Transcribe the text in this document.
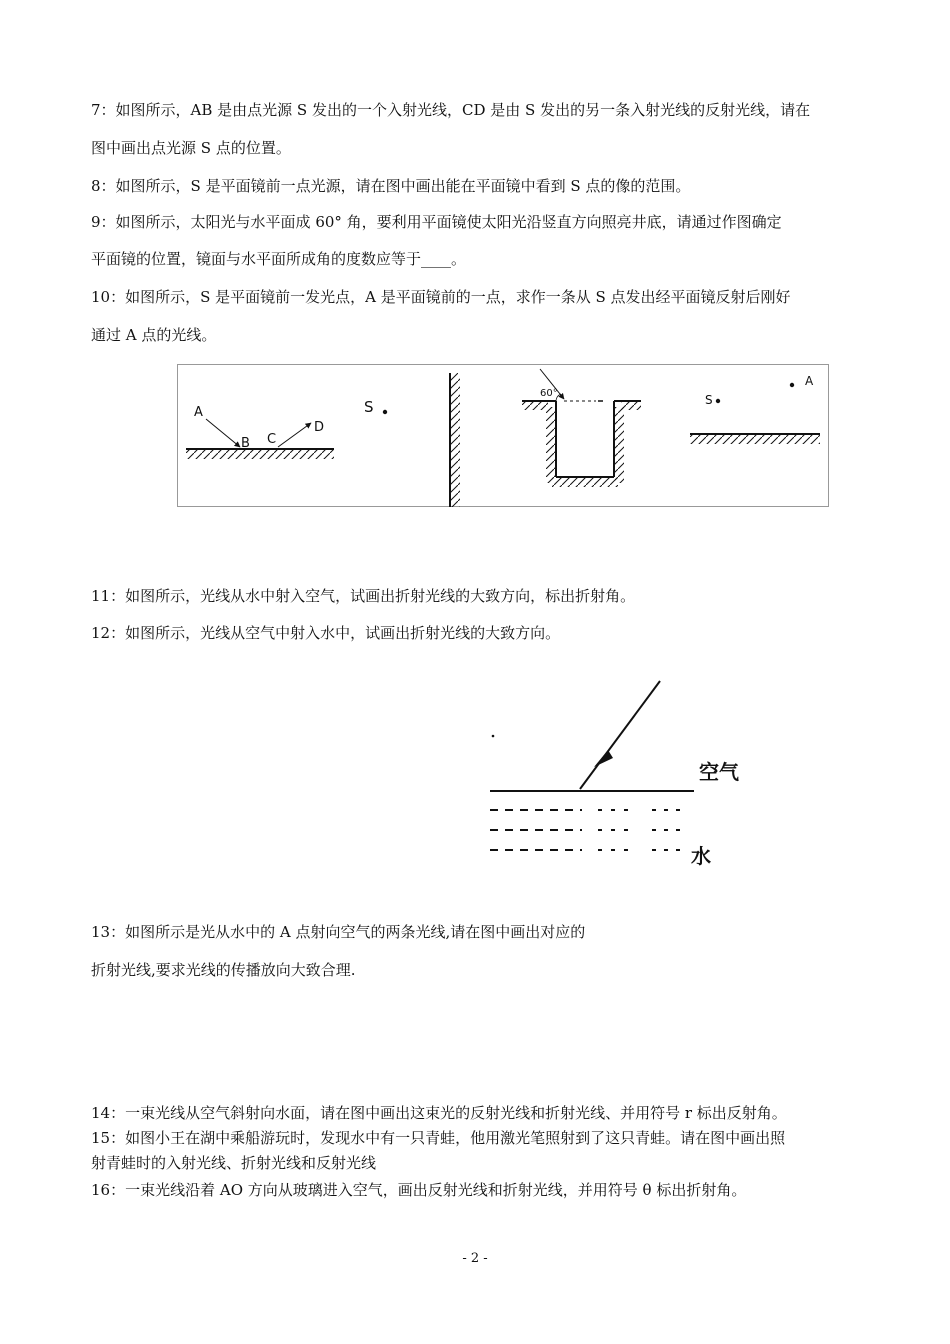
7：如图所示，AB 是由点光源 S 发出的一个入射光线，CD 是由 S 发出的另一条入射光线的反射光线，请在
图中画出点光源 S 点的位置。
8：如图所示，S 是平面镜前一点光源，请在图中画出能在平面镜中看到 S 点的像的范围。
9：如图所示，太阳光与水平面成 60° 角，要利用平面镜使太阳光沿竖直方向照亮井底，请通过作图确定
平面镜的位置，镜面与水平面所成角的度数应等于____。
10：如图所示，S 是平面镜前一发光点，A 是平面镜前的一点，求作一条从 S 点发出经平面镜反射后刚好
通过 A 点的光线。
A
B C
D
S
60°	S
A
11：如图所示，光线从水中射入空气，试画出折射光线的大致方向，标出折射角。
12：如图所示，光线从空气中射入水中，试画出折射光线的大致方向。
空气
水
13：如图所示是光从水中的 A 点射向空气的两条光线,请在图中画出对应的
折射光线,要求光线的传播放向大致合理.
14：一束光线从空气斜射向水面，请在图中画出这束光的反射光线和折射光线、并用符号 r 标出反射角。
15：如图小王在湖中乘船游玩时，发现水中有一只青蛙，他用激光笔照射到了这只青蛙。请在图中画出照
射青蛙时的入射光线、折射光线和反射光线
16：一束光线沿着 AO 方向从玻璃进入空气，画出反射光线和折射光线，并用符号 θ 标出折射角。
- 2 -
